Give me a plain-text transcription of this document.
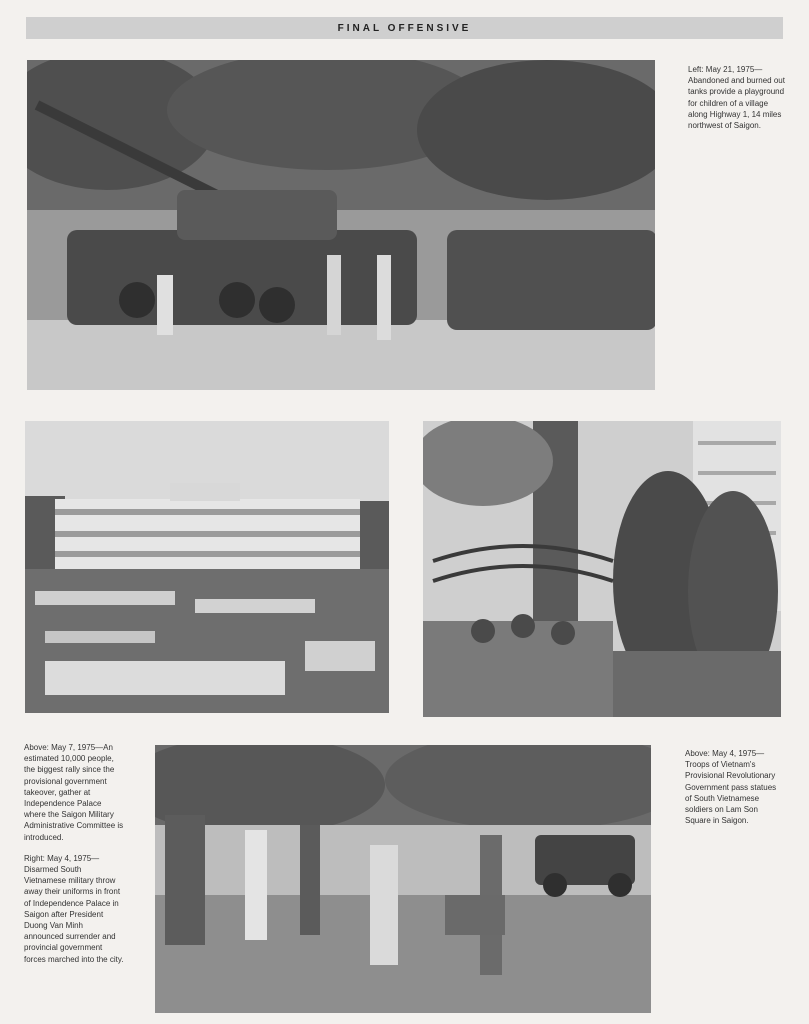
FINAL OFFENSIVE

Left: May 21, 1975—Abandoned and burned out tanks provide a playground for children of a village along Highway 1, 14 miles northwest of Saigon.

Above: May 7, 1975—An estimated 10,000 people, the biggest rally since the provisional government takeover, gather at Independence Palace where the Saigon Military Administrative Committee is introduced.

Right: May 4, 1975—Disarmed South Vietnamese military throw away their uniforms in front of Independence Palace in Saigon after President Duong Van Minh announced surrender and provincial government forces marched into the city.

Above: May 4, 1975—Troops of Vietnam's Provisional Revolutionary Government pass statues of South Vietnamese soldiers on Lam Son Square in Saigon.
